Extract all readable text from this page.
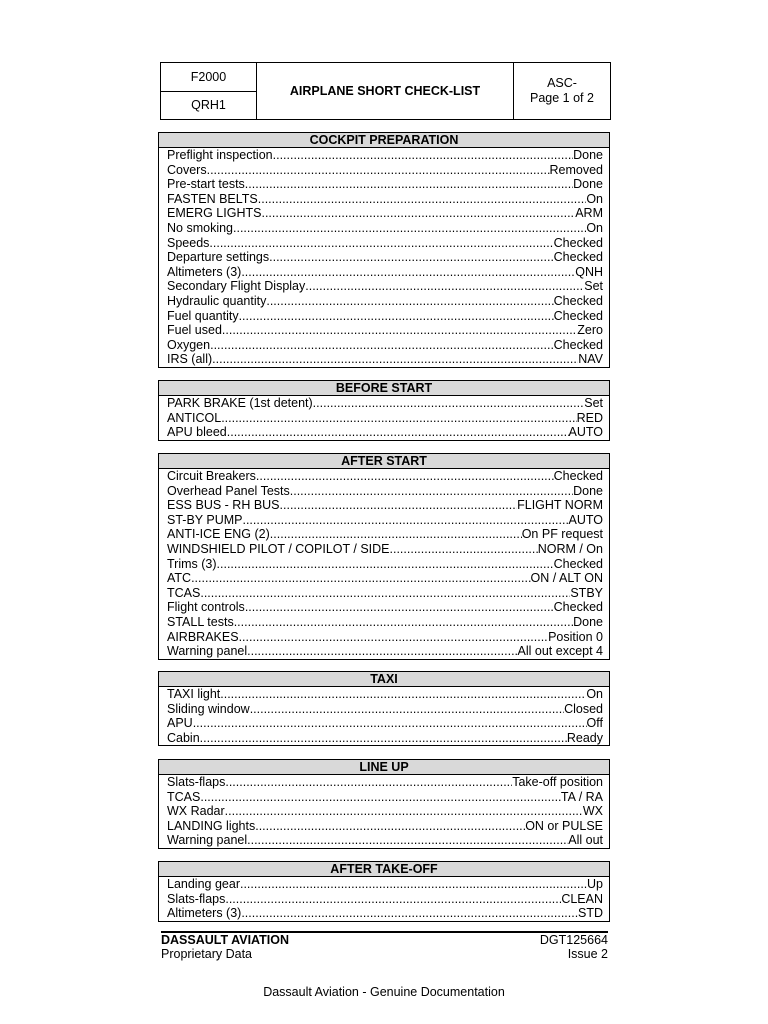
F2000
QRH1
AIRPLANE SHORT CHECK-LIST
ASC-
Page 1 of 2
COCKPIT PREPARATION
Preflight inspection .....	Done
Covers .....	Removed
Pre-start tests .....	Done
FASTEN BELTS .....	On
EMERG LIGHTS .....	ARM
No smoking .....	On
Speeds .....	Checked
Departure settings .....	Checked
Altimeters (3) .....	QNH
Secondary Flight Display .....	Set
Hydraulic quantity .....	Checked
Fuel quantity .....	Checked
Fuel used .....	Zero
Oxygen .....	Checked
IRS (all) .....	NAV
BEFORE START
PARK BRAKE (1st detent) .....	Set
ANTICOL .....	RED
APU bleed .....	AUTO
AFTER START
Circuit Breakers .....	Checked
Overhead Panel Tests .....	Done
ESS BUS - RH BUS .....	FLIGHT NORM
ST-BY PUMP .....	AUTO
ANTI-ICE ENG (2) .....	On PF request
WINDSHIELD PILOT / COPILOT / SIDE .....	NORM / On
Trims (3) .....	Checked
ATC .....	ON / ALT ON
TCAS .....	STBY
Flight controls .....	Checked
STALL tests .....	Done
AIRBRAKES .....	Position 0
Warning panel .....	All out except 4
TAXI
TAXI light .....	On
Sliding window .....	Closed
APU .....	Off
Cabin .....	Ready
LINE UP
Slats-flaps .....	Take-off position
TCAS .....	TA / RA
WX Radar .....	WX
LANDING lights .....	ON or PULSE
Warning panel .....	All out
AFTER TAKE-OFF
Landing gear .....	Up
Slats-flaps .....	CLEAN
Altimeters (3) .....	STD
DASSAULT AVIATION
Proprietary Data
DGT125664
Issue 2
Dassault Aviation - Genuine Documentation
